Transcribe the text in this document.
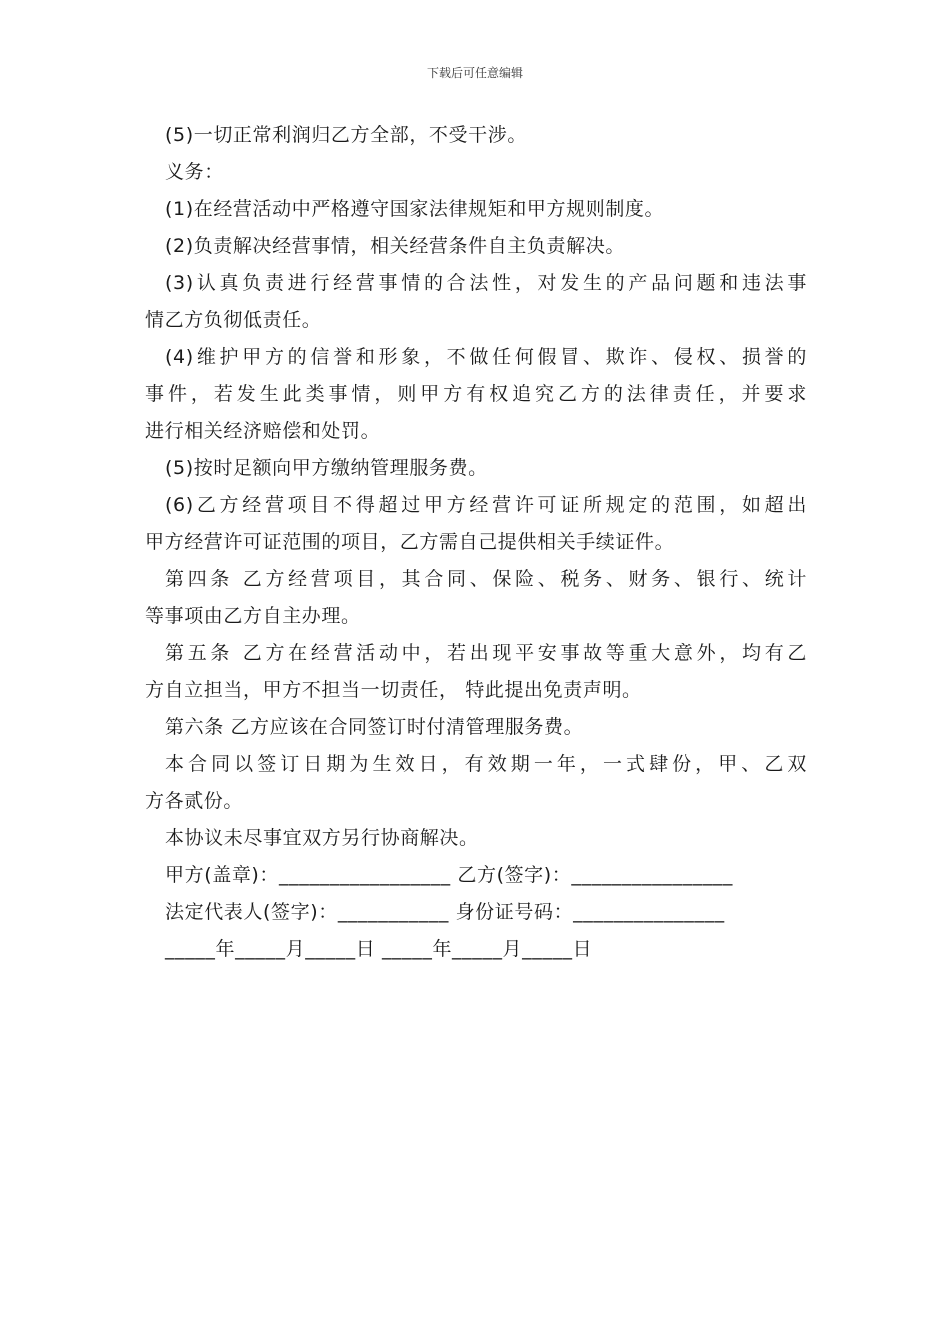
下载后可任意编辑
(5)一切正常利润归乙方全部，不受干涉。
义务：
(1)在经营活动中严格遵守国家法律规矩和甲方规则制度。
(2)负责解决经营事情，相关经营条件自主负责解决。
(3)认真负责进行经营事情的合法性，对发生的产品问题和违法事
情乙方负彻低责任。
(4)维护甲方的信誉和形象，不做任何假冒、欺诈、侵权、损誉的
事件，若发生此类事情，则甲方有权追究乙方的法律责任，并要求
进行相关经济赔偿和处罚。
(5)按时足额向甲方缴纳管理服务费。
(6)乙方经营项目不得超过甲方经营许可证所规定的范围，如超出
甲方经营许可证范围的项目，乙方需自己提供相关手续证件。
第四条 乙方经营项目，其合同、保险、税务、财务、银行、统计
等事项由乙方自主办理。
第五条 乙方在经营活动中，若出现平安事故等重大意外，均有乙
方自立担当，甲方不担当一切责任， 特此提出免责声明。
第六条 乙方应该在合同签订时付清管理服务费。
本合同以签订日期为生效日，有效期一年，一式肆份，甲、乙双
方各贰份。
本协议未尽事宜双方另行协商解决。
甲方(盖章)：_________________ 乙方(签字)：________________
法定代表人(签字)：___________ 身份证号码：_______________
_____年_____月_____日 _____年_____月_____日
